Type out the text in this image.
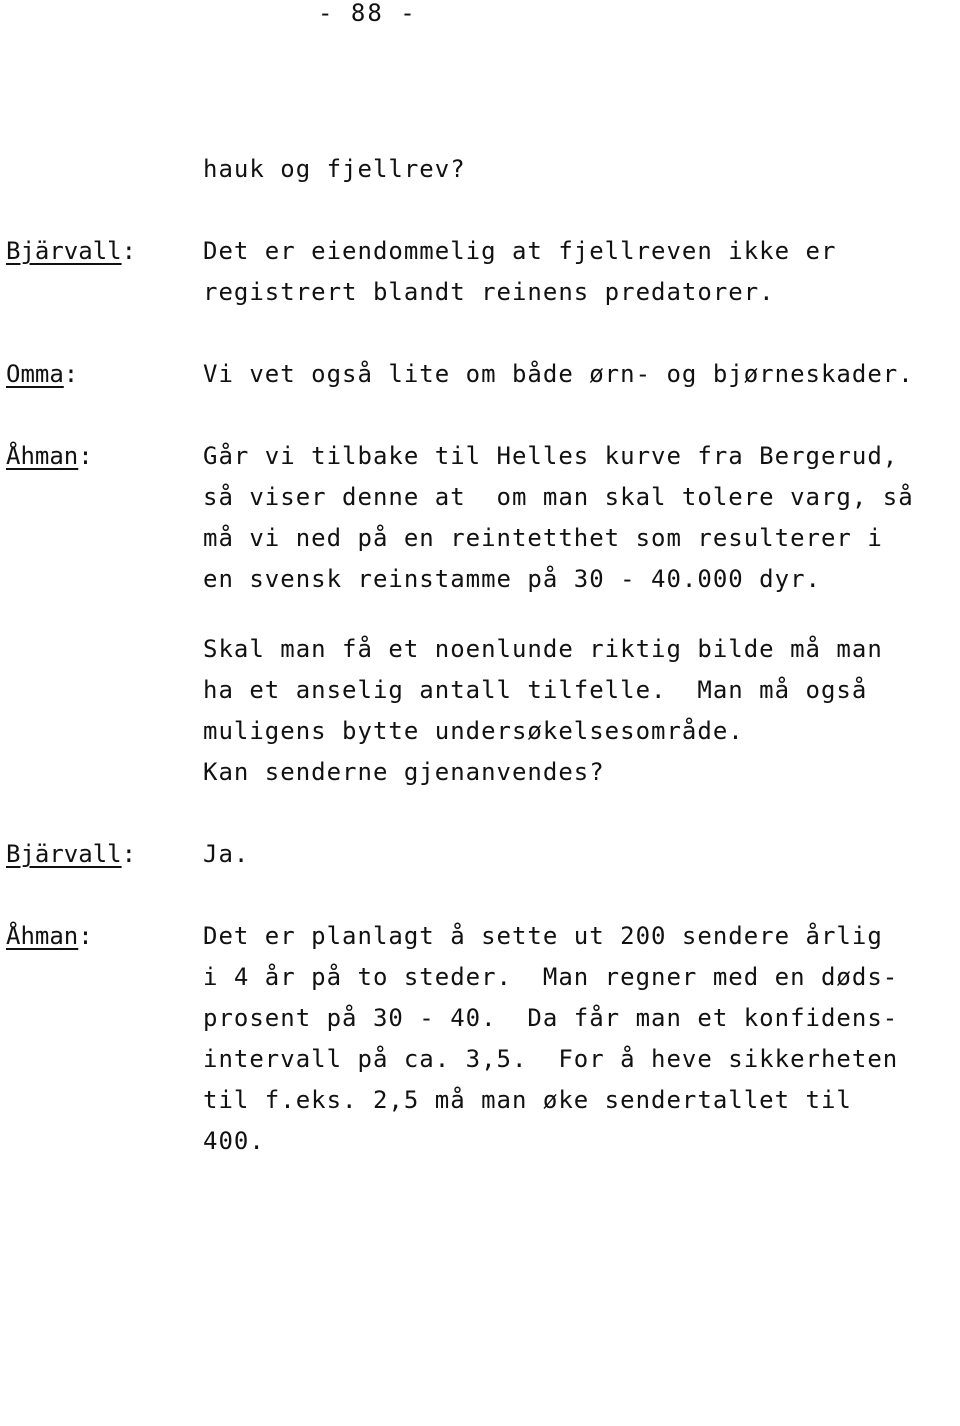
- 88 -
hauk og fjellrev?
Bjärvall:	Det er eiendommelig at fjellreven ikke er
registrert blandt reinens predatorer.
Omma:	Vi vet også lite om både ørn- og bjørneskader.
Åhman:	Går vi tilbake til Helles kurve fra Bergerud,
så viser denne at  om man skal tolere varg, så
må vi ned på en reintetthet som resulterer i
en svensk reinstamme på 30 - 40.000 dyr.
Skal man få et noenlunde riktig bilde må man
ha et anselig antall tilfelle.  Man må også
muligens bytte undersøkelsesområde.
Kan senderne gjenanvendes?
Bjärvall:	Ja.
Åhman:	Det er planlagt å sette ut 200 sendere årlig
i 4 år på to steder.  Man regner med en døds-
prosent på 30 - 40.  Da får man et konfidens-
intervall på ca. 3,5.  For å heve sikkerheten
til f.eks. 2,5 må man øke sendertallet til
400.
